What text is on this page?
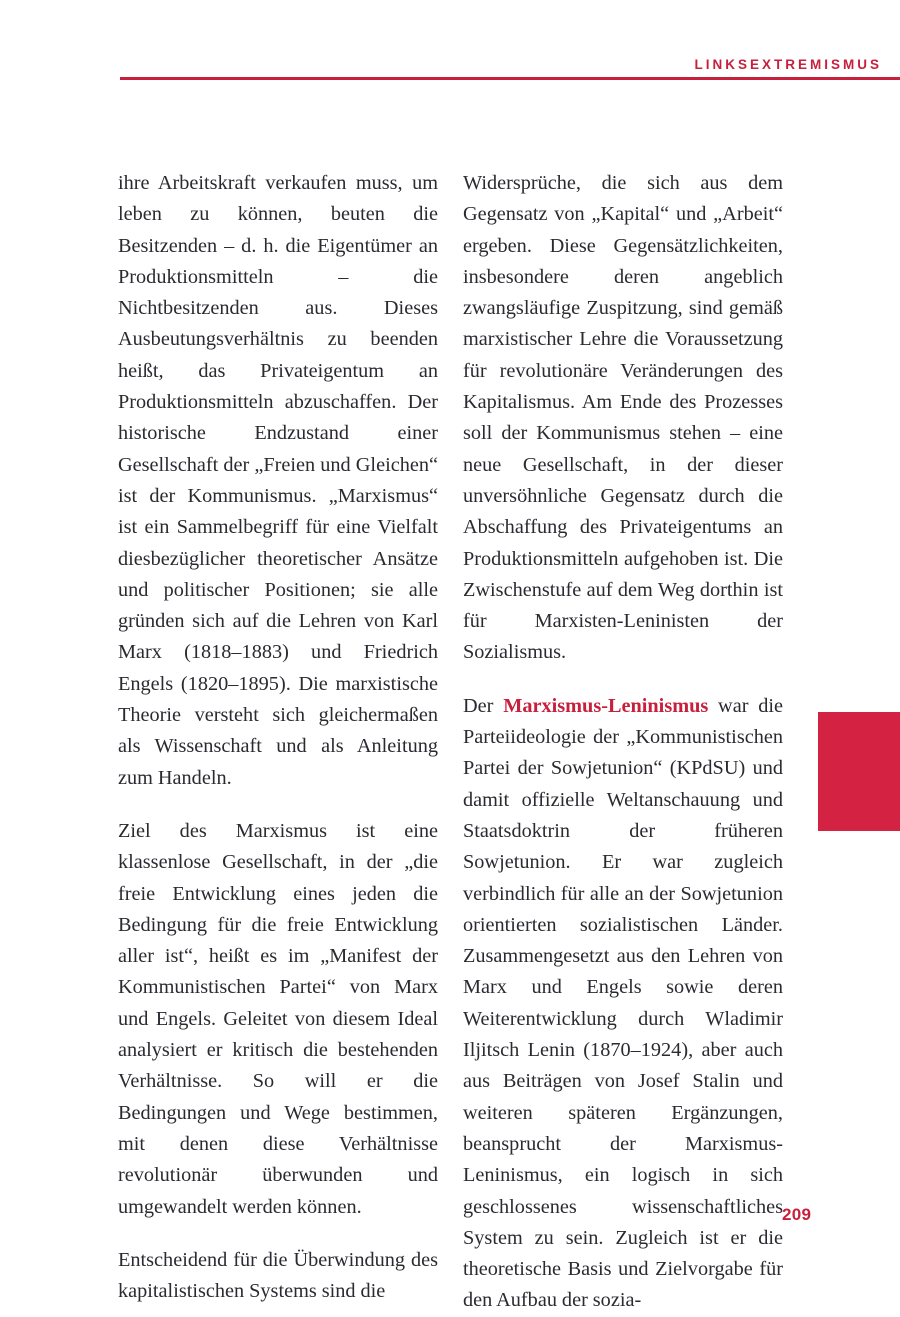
LINKSEXTREMISMUS

ihre Arbeitskraft verkaufen muss, um leben zu können, beuten die Besitzenden – d. h. die Eigentümer an Produktionsmitteln – die Nichtbesitzenden aus. Dieses Ausbeutungsverhältnis zu beenden heißt, das Privateigentum an Produktionsmitteln abzuschaffen. Der historische Endzustand einer Gesellschaft der „Freien und Gleichen“ ist der Kommunismus. „Marxismus“ ist ein Sammelbegriff für eine Vielfalt diesbezüglicher theoretischer Ansätze und politischer Positionen; sie alle gründen sich auf die Lehren von Karl Marx (1818–1883) und Friedrich Engels (1820–1895). Die marxistische Theorie versteht sich gleichermaßen als Wissenschaft und als Anleitung zum Handeln.

Ziel des Marxismus ist eine klassenlose Gesellschaft, in der „die freie Entwicklung eines jeden die Bedingung für die freie Entwicklung aller ist“, heißt es im „Manifest der Kommunistischen Partei“ von Marx und Engels. Geleitet von diesem Ideal analysiert er kritisch die bestehenden Verhältnisse. So will er die Bedingungen und Wege bestimmen, mit denen diese Verhältnisse revolutionär überwunden und umgewandelt werden können.

Entscheidend für die Überwindung des kapitalistischen Systems sind die

Widersprüche, die sich aus dem Gegensatz von „Kapital“ und „Arbeit“ ergeben. Diese Gegensätzlichkeiten, insbesondere deren angeblich zwangsläufige Zuspitzung, sind gemäß marxistischer Lehre die Voraussetzung für revolutionäre Veränderungen des Kapitalismus. Am Ende des Prozesses soll der Kommunismus stehen – eine neue Gesellschaft, in der dieser unversöhnliche Gegensatz durch die Abschaffung des Privateigentums an Produktionsmitteln aufgehoben ist. Die Zwischenstufe auf dem Weg dorthin ist für Marxisten-Leninisten der Sozialismus.

Der Marxismus-Leninismus war die Parteiideologie der „Kommunistischen Partei der Sowjetunion“ (KPdSU) und damit offizielle Weltanschauung und Staatsdoktrin der früheren Sowjetunion. Er war zugleich verbindlich für alle an der Sowjetunion orientierten sozialistischen Länder. Zusammengesetzt aus den Lehren von Marx und Engels sowie deren Weiterentwicklung durch Wladimir Iljitsch Lenin (1870–1924), aber auch aus Beiträgen von Josef Stalin und weiteren späteren Ergänzungen, beansprucht der Marxismus-Leninismus, ein logisch in sich geschlossenes wissenschaftliches System zu sein. Zugleich ist er die theoretische Basis und Zielvorgabe für den Aufbau der sozia-

209
